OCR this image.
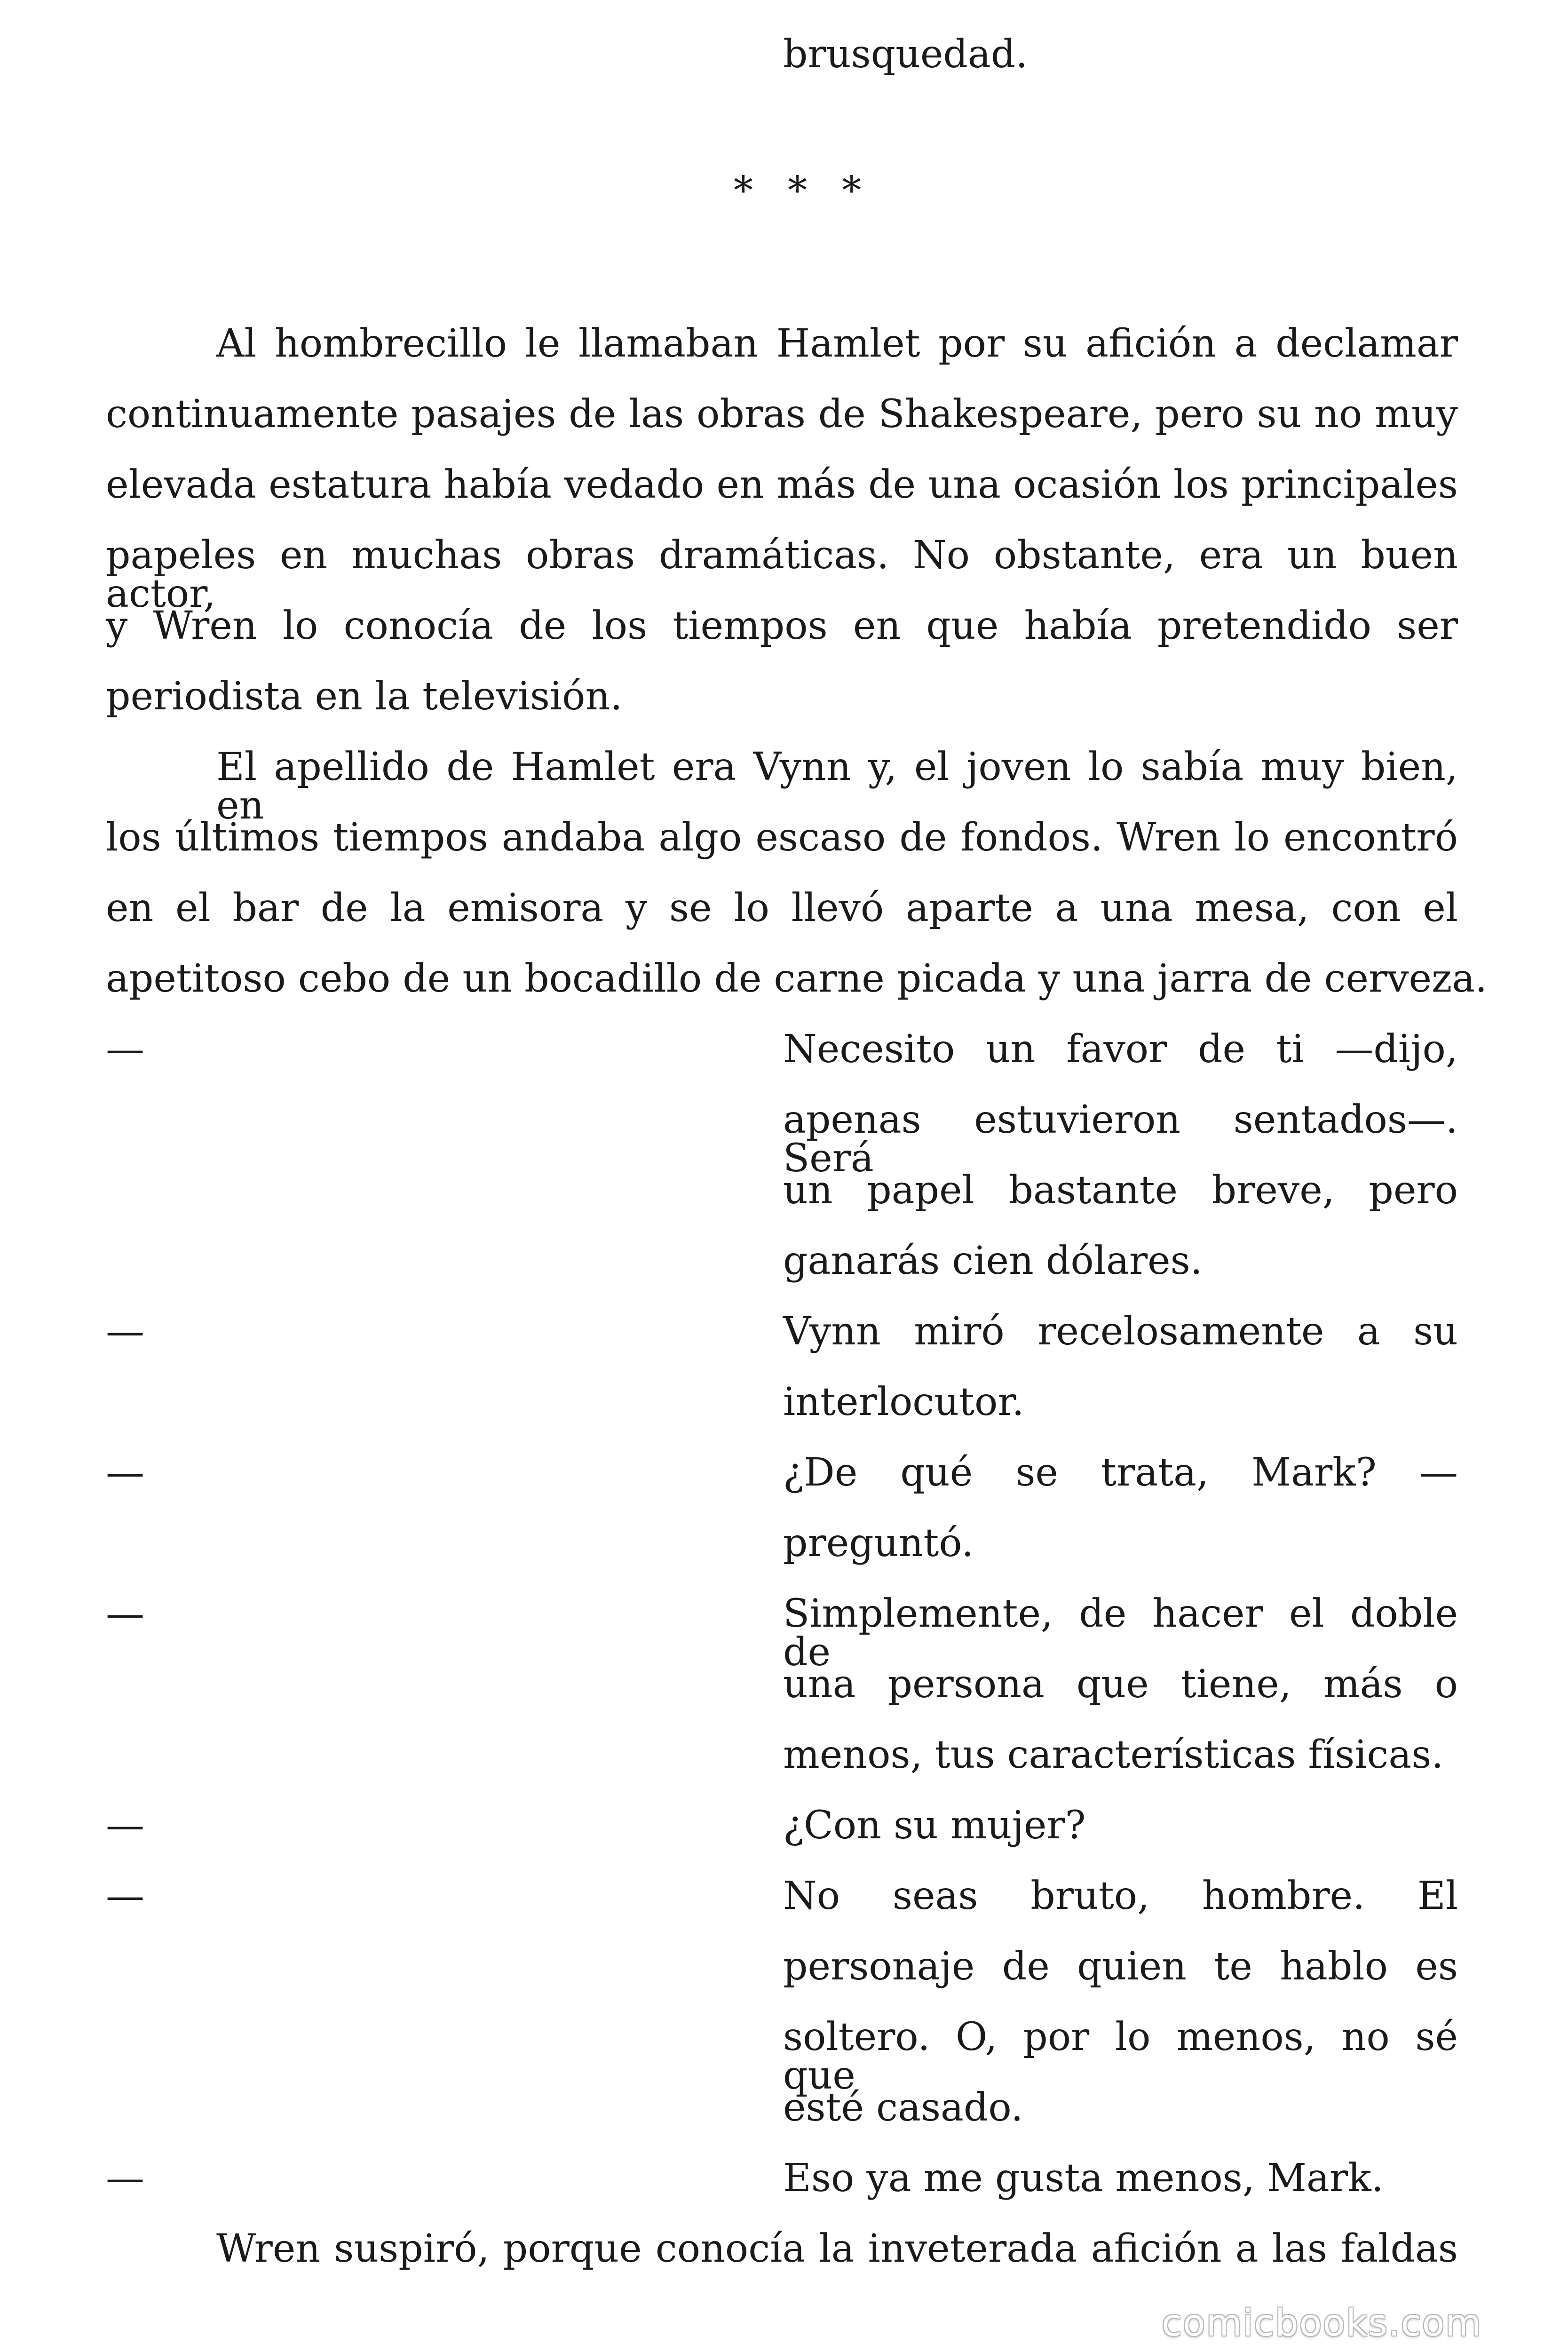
brusquedad.
* * *
Al hombrecillo le llamaban Hamlet por su afición a declamar
continuamente pasajes de las obras de Shakespeare, pero su no muy
elevada estatura había vedado en más de una ocasión los principales
papeles en muchas obras dramáticas. No obstante, era un buen actor,
y Wren lo conocía de los tiempos en que había pretendido ser
periodista en la televisión.
El apellido de Hamlet era Vynn y, el joven lo sabía muy bien, en
los últimos tiempos andaba algo escaso de fondos. Wren lo encontró
en el bar de la emisora y se lo llevó aparte a una mesa, con el
apetitoso cebo de un bocadillo de carne picada y una jarra de cerveza.
—	Necesito un favor de ti —dijo,
apenas estuvieron sentados—. Será
un papel bastante breve, pero
ganarás cien dólares.
—	Vynn miró recelosamente a su
interlocutor.
—	¿De qué se trata, Mark? —
preguntó.
—	Simplemente, de hacer el doble de
una persona que tiene, más o
menos, tus características físicas.
—	¿Con su mujer?
—	No seas bruto, hombre. El
personaje de quien te hablo es
soltero. O, por lo menos, no sé que
esté casado.
—	Eso ya me gusta menos, Mark.
Wren suspiró, porque conocía la inveterada afición a las faldas
comicbooks.com
